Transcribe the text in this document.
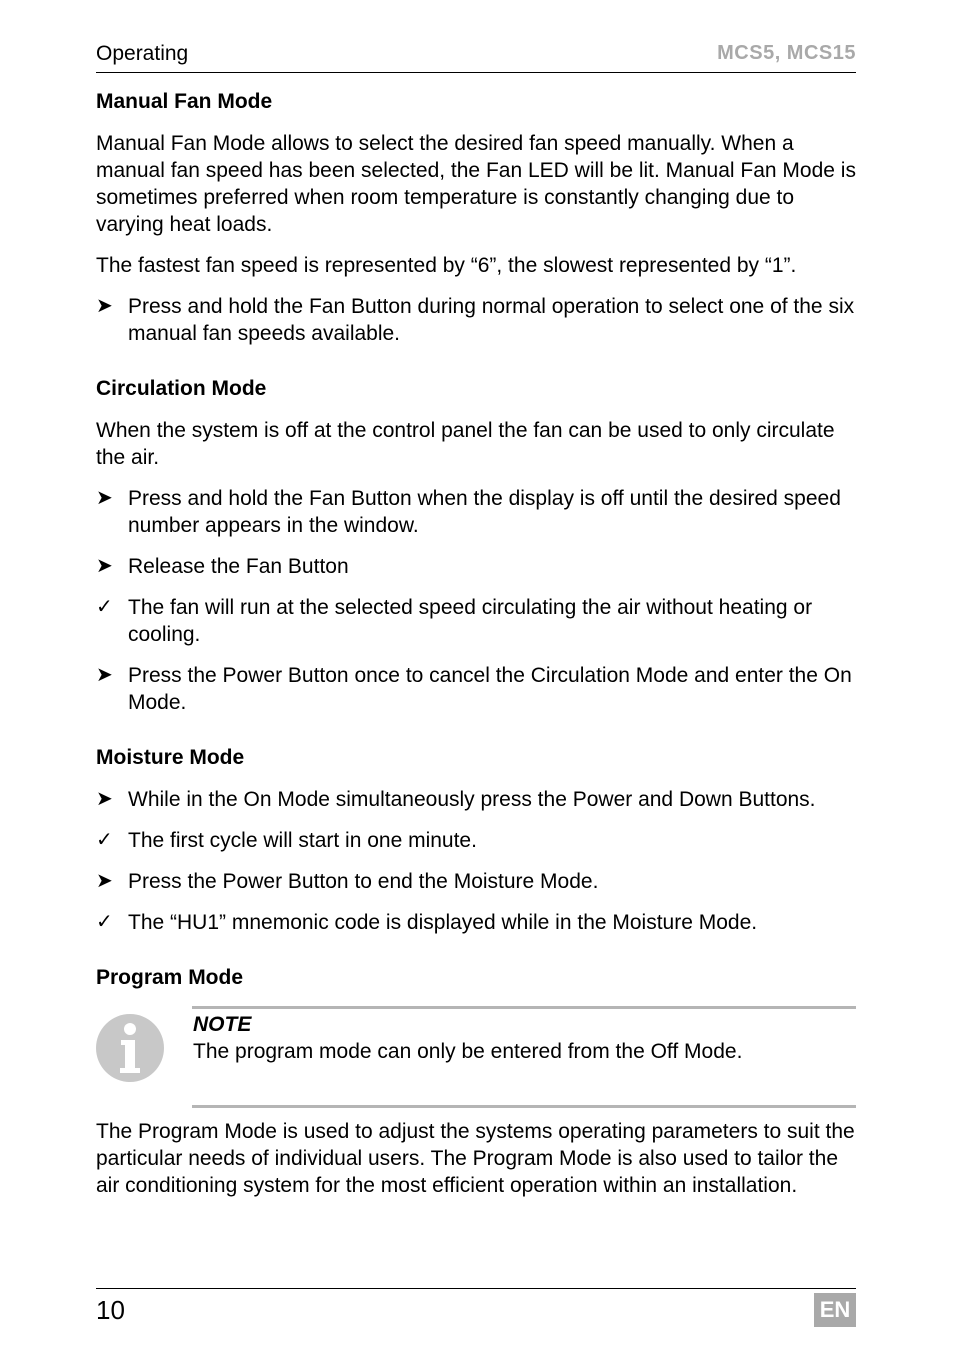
Operating	MCS5, MCS15
Manual Fan Mode

Manual Fan Mode allows to select the desired fan speed manually. When a manual fan speed has been selected, the Fan LED will be lit. Manual Fan Mode is sometimes preferred when room temperature is constantly changing due to varying heat loads.

The fastest fan speed is represented by “6”, the slowest represented by “1”.

➤ Press and hold the Fan Button during normal operation to select one of the six manual fan speeds available.
Circulation Mode

When the system is off at the control panel the fan can be used to only circulate the air.

➤ Press and hold the Fan Button when the display is off until the desired speed number appears in the window.
➤ Release the Fan Button
✓ The fan will run at the selected speed circulating the air without heating or cooling.
➤ Press the Power Button once to cancel the Circulation Mode and enter the On Mode.
Moisture Mode
➤ While in the On Mode simultaneously press the Power and Down Buttons.
✓ The first cycle will start in one minute.
➤ Press the Power Button to end the Moisture Mode.
✓ The “HU1” mnemonic code is displayed while in the Moisture Mode.
Program Mode
NOTE
The program mode can only be entered from the Off Mode.

The Program Mode is used to adjust the systems operating parameters to suit the particular needs of individual users. The Program Mode is also used to tailor the air conditioning system for the most efficient operation within an installation.

10	EN
